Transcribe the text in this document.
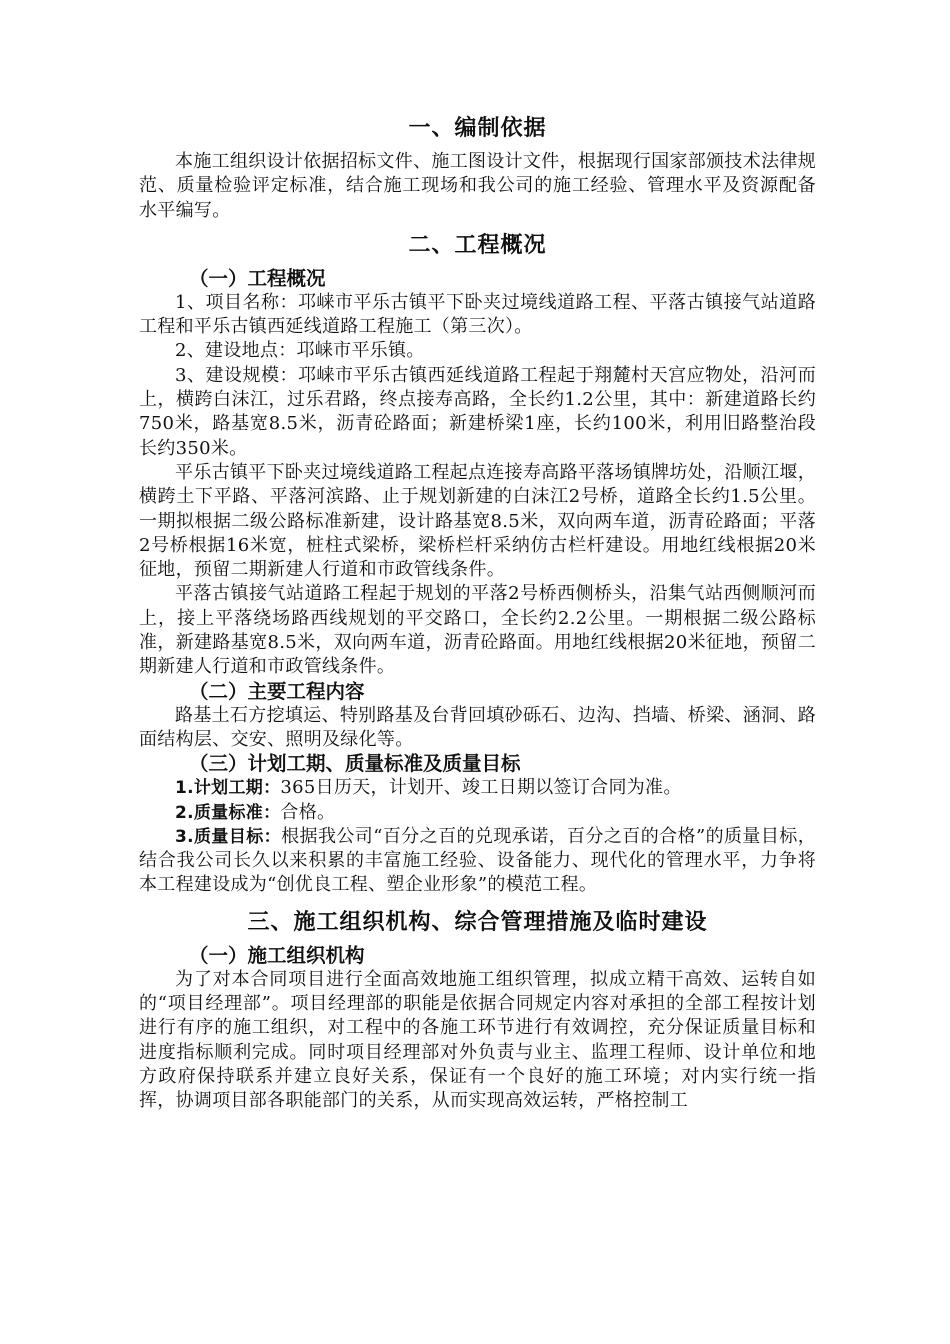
一、编制依据

本施工组织设计依据招标文件、施工图设计文件，根据现行国家部颁技术法律规范、质量检验评定标准，结合施工现场和我公司的施工经验、管理水平及资源配备水平编写。

二、工程概况
（一）工程概况

1、项目名称：邛崃市平乐古镇平下卧夹过境线道路工程、平落古镇接气站道路工程和平乐古镇西延线道路工程施工（第三次）。

2、建设地点：邛崃市平乐镇。

3、建设规模：邛崃市平乐古镇西延线道路工程起于翔麓村天宫应物处，沿河而上，横跨白沫江，过乐君路，终点接寿高路，全长约1.2公里，其中：新建道路长约750米，路基宽8.5米，沥青砼路面；新建桥梁1座，长约100米，利用旧路整治段长约350米。

平乐古镇平下卧夹过境线道路工程起点连接寿高路平落场镇牌坊处，沿顺江堰，横跨土下平路、平落河滨路、止于规划新建的白沫江2号桥，道路全长约1.5公里。一期拟根据二级公路标准新建，设计路基宽8.5米，双向两车道，沥青砼路面；平落2号桥根据16米宽，桩柱式梁桥，梁桥栏杆采纳仿古栏杆建设。用地红线根据20米征地，预留二期新建人行道和市政管线条件。

平落古镇接气站道路工程起于规划的平落2号桥西侧桥头，沿集气站西侧顺河而上，接上平落绕场路西线规划的平交路口，全长约2.2公里。一期根据二级公路标准，新建路基宽8.5米，双向两车道，沥青砼路面。用地红线根据20米征地，预留二期新建人行道和市政管线条件。

（二）主要工程内容

路基土石方挖填运、特别路基及台背回填砂砾石、边沟、挡墙、桥梁、涵洞、路面结构层、交安、照明及绿化等。

（三）计划工期、质量标准及质量目标

1.计划工期：365日历天，计划开、竣工日期以签订合同为准。

2.质量标准：合格。

3.质量目标：根据我公司“百分之百的兑现承诺，百分之百的合格”的质量目标，结合我公司长久以来积累的丰富施工经验、设备能力、现代化的管理水平，力争将本工程建设成为“创优良工程、塑企业形象”的模范工程。

三、施工组织机构、综合管理措施及临时建设
（一）施工组织机构

为了对本合同项目进行全面高效地施工组织管理，拟成立精干高效、运转自如的“项目经理部”。项目经理部的职能是依据合同规定内容对承担的全部工程按计划进行有序的施工组织，对工程中的各施工环节进行有效调控，充分保证质量目标和进度指标顺利完成。同时项目经理部对外负责与业主、监理工程师、设计单位和地方政府保持联系并建立良好关系，保证有一个良好的施工环境；对内实行统一指挥，协调项目部各职能部门的关系，从而实现高效运转，严格控制工
